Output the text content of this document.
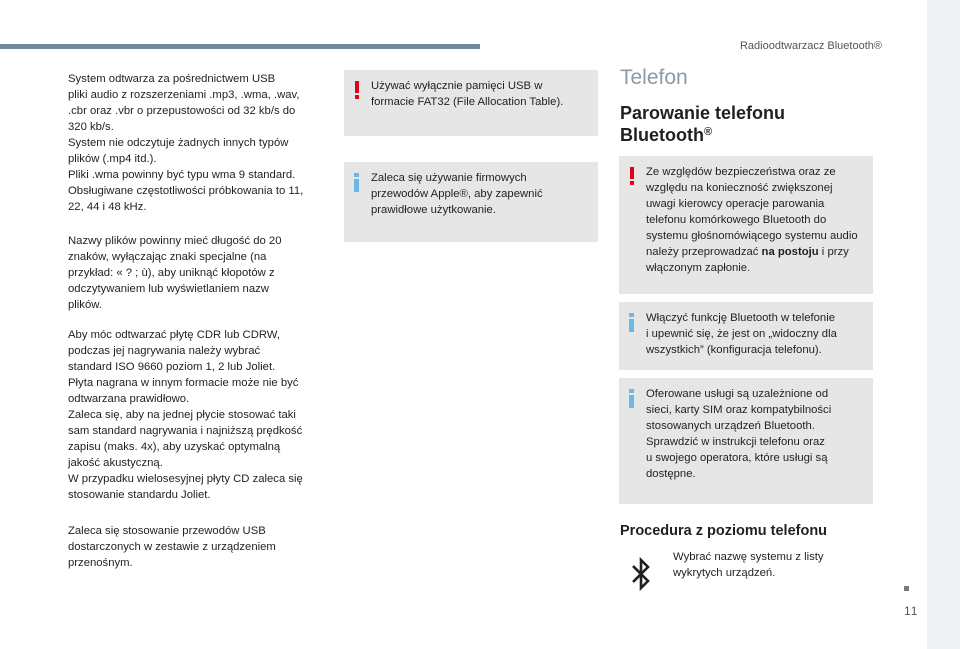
Radioodtwarzacz Bluetooth®
11

System odtwarza za pośrednictwem USB
pliki audio z rozszerzeniami .mp3, .wma, .wav,
.cbr oraz .vbr o przepustowości od 32 kb/s do
320 kb/s.
System nie odczytuje żadnych innych typów
plików (.mp4 itd.).
Pliki .wma powinny być typu wma 9 standard.
Obsługiwane częstotliwości próbkowania to 11,
22, 44 i 48 kHz.

Nazwy plików powinny mieć długość do 20
znaków, wyłączając znaki specjalne (na
przykład: « ? ; ù), aby uniknąć kłopotów z
odczytywaniem lub wyświetlaniem nazw
plików.

Aby móc odtwarzać płytę CDR lub CDRW,
podczas jej nagrywania należy wybrać
standard ISO 9660 poziom 1, 2 lub Joliet.
Płyta nagrana w innym formacie może nie być
odtwarzana prawidłowo.
Zaleca się, aby na jednej płycie stosować taki
sam standard nagrywania i najniższą prędkość
zapisu (maks. 4x), aby uzyskać optymalną
jakość akustyczną.
W przypadku wielosesyjnej płyty CD zaleca się
stosowanie standardu Joliet.

Zaleca się stosowanie przewodów USB
dostarczonych w zestawie z urządzeniem
przenośnym.

Używać wyłącznie pamięci USB w
formacie FAT32 (File Allocation Table).
Zaleca się używanie firmowych
przewodów Apple®, aby zapewnić
prawidłowe użytkowanie.
Telefon
Parowanie telefonu
Bluetooth®
Ze względów bezpieczeństwa oraz ze
względu na konieczność zwiększonej
uwagi kierowcy operacje parowania
telefonu komórkowego Bluetooth do
systemu głośnomówiącego systemu audio
należy przeprowadzać na postoju i przy
włączonym zapłonie.
Włączyć funkcję Bluetooth w telefonie
i upewnić się, że jest on „widoczny dla
wszystkich” (konfiguracja telefonu).
Oferowane usługi są uzależnione od
sieci, karty SIM oraz kompatybilności
stosowanych urządzeń Bluetooth.
Sprawdzić w instrukcji telefonu oraz
u swojego operatora, które usługi są
dostępne.
Procedura z poziomu telefonu
Wybrać nazwę systemu z listy
wykrytych urządzeń.
